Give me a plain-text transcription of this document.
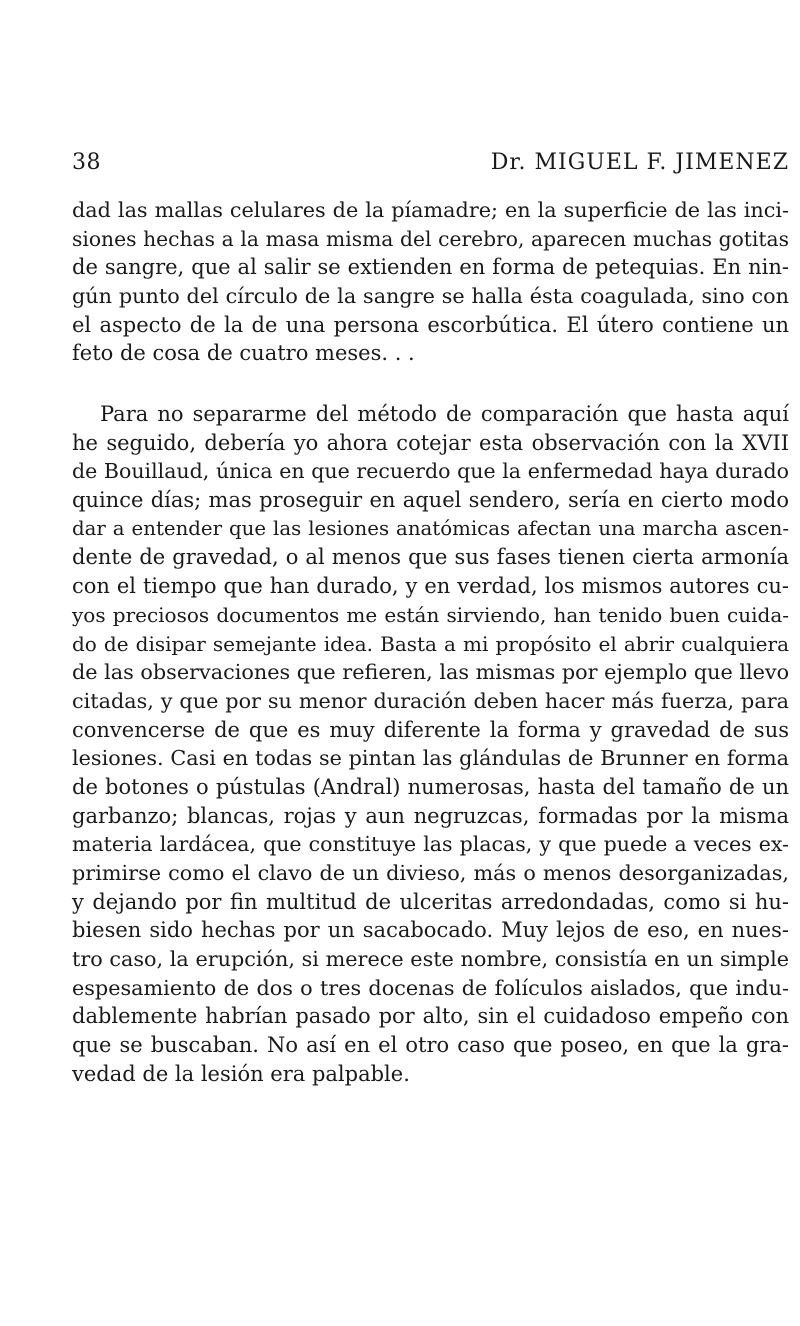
38	Dr. MIGUEL F. JIMENEZ
dad las mallas celulares de la píamadre; en la superficie de las inci-
siones hechas a la masa misma del cerebro, aparecen muchas gotitas
de sangre, que al salir se extienden en forma de petequias. En nin-
gún punto del círculo de la sangre se halla ésta coagulada, sino con
el aspecto de la de una persona escorbútica. El útero contiene un
feto de cosa de cuatro meses. . .
Para no separarme del método de comparación que hasta aquí
he seguido, debería yo ahora cotejar esta observación con la XVII
de Bouillaud, única en que recuerdo que la enfermedad haya durado
quince días; mas proseguir en aquel sendero, sería en cierto modo
dar a entender que las lesiones anatómicas afectan una marcha ascen-
dente de gravedad, o al menos que sus fases tienen cierta armonía
con el tiempo que han durado, y en verdad, los mismos autores cu-
yos preciosos documentos me están sirviendo, han tenido buen cuida-
do de disipar semejante idea. Basta a mi propósito el abrir cualquiera
de las observaciones que refieren, las mismas por ejemplo que llevo
citadas, y que por su menor duración deben hacer más fuerza, para
convencerse de que es muy diferente la forma y gravedad de sus
lesiones. Casi en todas se pintan las glándulas de Brunner en forma
de botones o pústulas (Andral) numerosas, hasta del tamaño de un
garbanzo; blancas, rojas y aun negruzcas, formadas por la misma
materia lardácea, que constituye las placas, y que puede a veces ex-
primirse como el clavo de un divieso, más o menos desorganizadas,
y dejando por fin multitud de ulceritas arredondadas, como si hu-
biesen sido hechas por un sacabocado. Muy lejos de eso, en nues-
tro caso, la erupción, si merece este nombre, consistía en un simple
espesamiento de dos o tres docenas de folículos aislados, que indu-
dablemente habrían pasado por alto, sin el cuidadoso empeño con
que se buscaban. No así en el otro caso que poseo, en que la gra-
vedad de la lesión era palpable.
